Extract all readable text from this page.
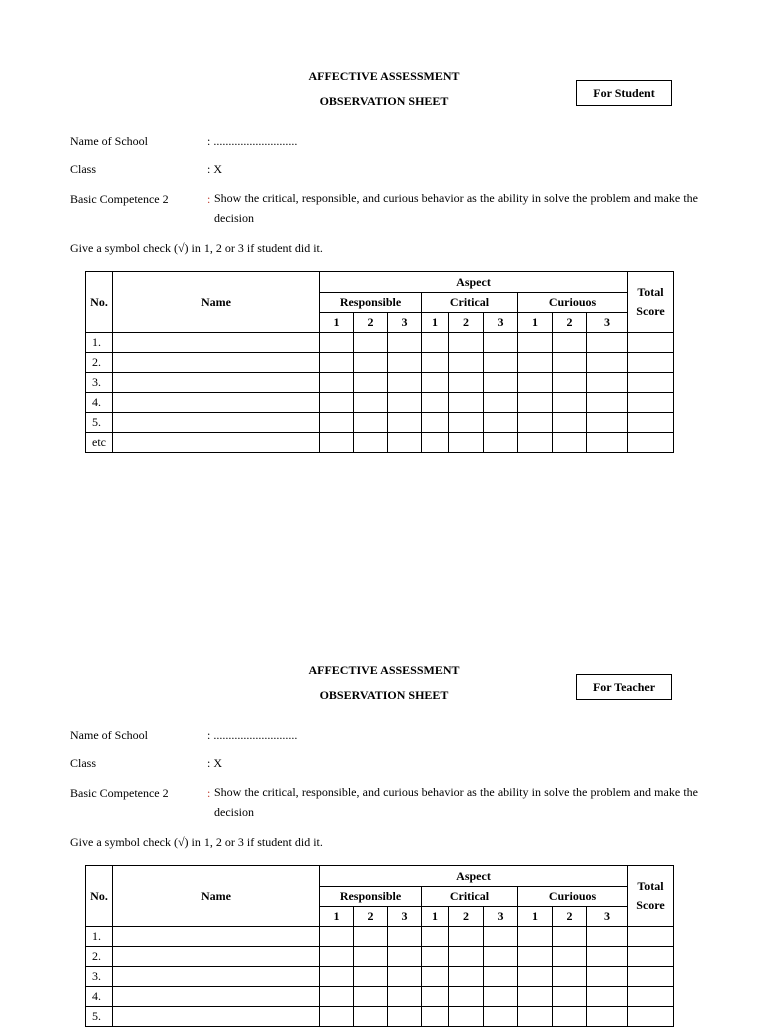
AFFECTIVE ASSESSMENT
OBSERVATION SHEET
For Student
Name of School	: ............................
Class	: X
Basic Competence 2	: Show the critical, responsible, and curious behavior as the ability in solve the problem and make the decision
Give a symbol check (√) in 1, 2 or 3 if student did it.
No.	Name	Aspect									Total
Score
		Responsible			Critical			Curiouos			
		1	2	3	1	2	3	1	2	3	
1.											
2.											
3.											
4.											
5.											
etc											
AFFECTIVE ASSESSMENT
OBSERVATION SHEET
For Teacher
Name of School	: ............................
Class	: X
Basic Competence 2	: Show the critical, responsible, and curious behavior as the ability in solve the problem and make the decision
Give a symbol check (√) in 1, 2 or 3 if student did it.
No.	Name	Aspect									Total
Score
		Responsible			Critical			Curiouos			
		1	2	3	1	2	3	1	2	3	
1.											
2.											
3.											
4.											
5.											
